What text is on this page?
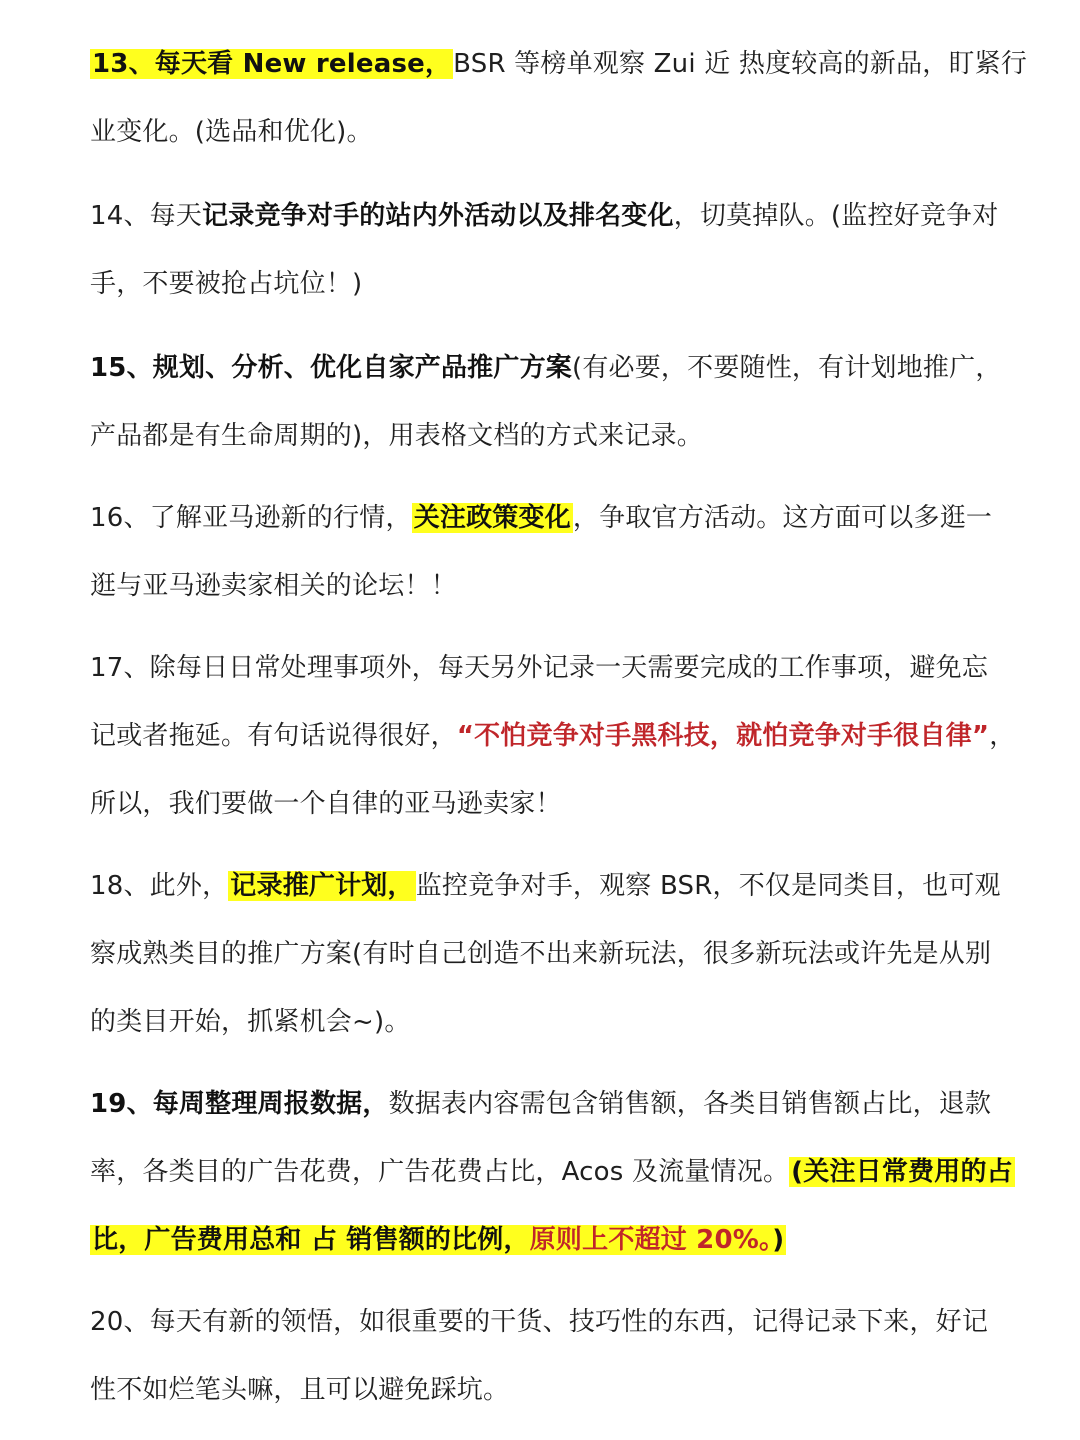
13、每天看 New release，BSR 等榜单观察 Zui 近 热度较高的新品，盯紧行
业变化。(选品和优化)。
14、每天记录竞争对手的站内外活动以及排名变化，切莫掉队。(监控好竞争对
手，不要被抢占坑位！)
15、规划、分析、优化自家产品推广方案(有必要，不要随性，有计划地推广，
产品都是有生命周期的)，用表格文档的方式来记录。
16、了解亚马逊新的行情，关注政策变化，争取官方活动。这方面可以多逛一
逛与亚马逊卖家相关的论坛！！
17、除每日日常处理事项外，每天另外记录一天需要完成的工作事项，避免忘
记或者拖延。有句话说得很好，“不怕竞争对手黑科技，就怕竞争对手很自律”，
所以，我们要做一个自律的亚马逊卖家！
18、此外，记录推广计划，监控竞争对手，观察 BSR，不仅是同类目，也可观
察成熟类目的推广方案(有时自己创造不出来新玩法，很多新玩法或许先是从别
的类目开始，抓紧机会~)。
19、每周整理周报数据，数据表内容需包含销售额，各类目销售额占比，退款
率，各类目的广告花费，广告花费占比，Acos 及流量情况。(关注日常费用的占
比，广告费用总和 占 销售额的比例，原则上不超过 20%。)
20、每天有新的领悟，如很重要的干货、技巧性的东西，记得记录下来，好记
性不如烂笔头嘛，且可以避免踩坑。
